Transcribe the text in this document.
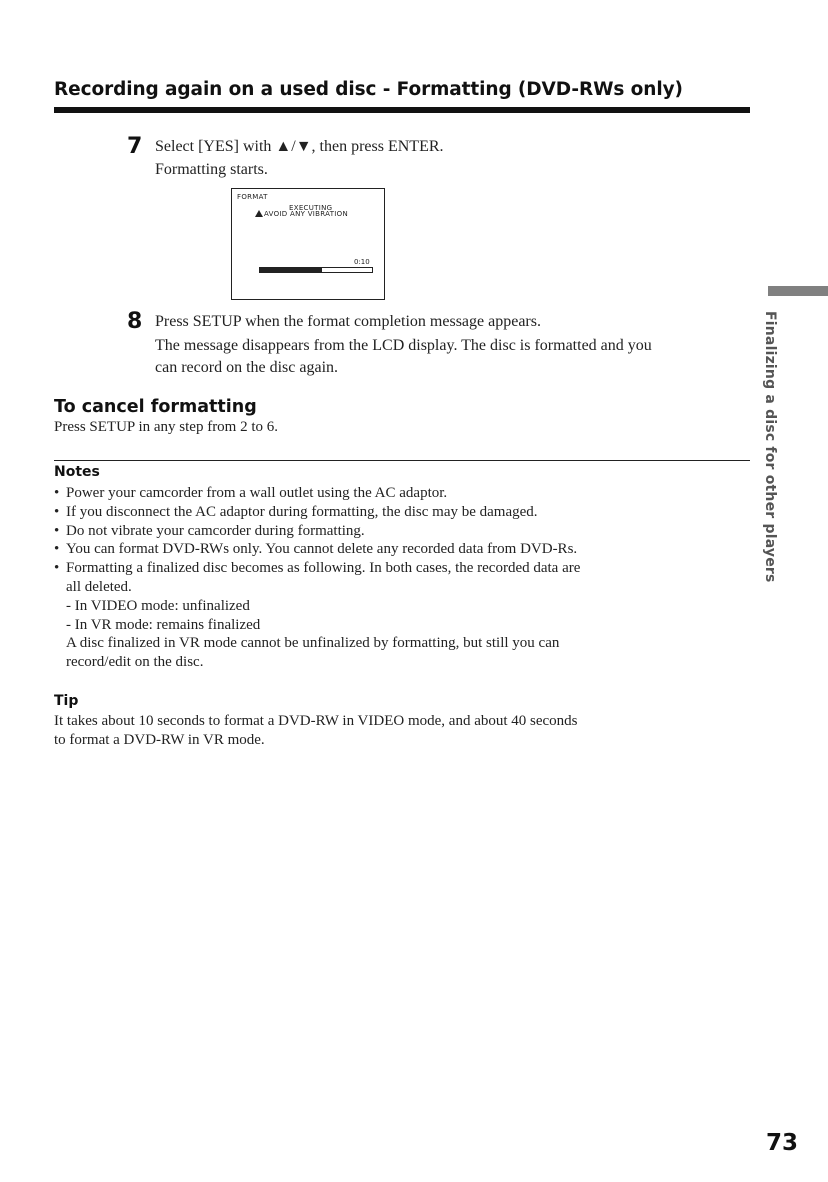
Recording again on a used disc - Formatting (DVD-RWs only)
7 Select [YES] with ▲/▼, then press ENTER.
Formatting starts.
FORMAT
EXECUTING
AVOID ANY VIBRATION
0:10
8 Press SETUP when the format completion message appears.
The message disappears from the LCD display. The disc is formatted and you
can record on the disc again.
To cancel formatting
Press SETUP in any step from 2 to 6.
Notes
• Power your camcorder from a wall outlet using the AC adaptor.
• If you disconnect the AC adaptor during formatting, the disc may be damaged.
• Do not vibrate your camcorder during formatting.
• You can format DVD-RWs only. You cannot delete any recorded data from DVD-Rs.
• Formatting a finalized disc becomes as following. In both cases, the recorded data are
all deleted.
- In VIDEO mode: unfinalized
- In VR mode: remains finalized
A disc finalized in VR mode cannot be unfinalized by formatting, but still you can
record/edit on the disc.
Tip
It takes about 10 seconds to format a DVD-RW in VIDEO mode, and about 40 seconds
to format a DVD-RW in VR mode.
Finalizing a disc for other players
73
